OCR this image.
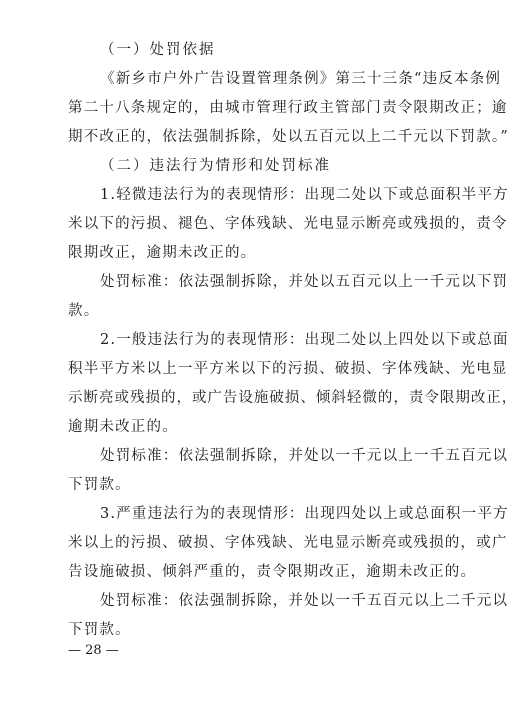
（一）处罚依据
《新乡市户外广告设置管理条例》第三十三条“违反本条例
第二十八条规定的，由城市管理行政主管部门责令限期改正；逾
期不改正的，依法强制拆除，处以五百元以上二千元以下罚款。”
（二）违法行为情形和处罚标准
1.轻微违法行为的表现情形：出现二处以下或总面积半平方
米以下的污损、褪色、字体残缺、光电显示断亮或残损的，责令
限期改正，逾期未改正的。
处罚标准：依法强制拆除，并处以五百元以上一千元以下罚
款。
2.一般违法行为的表现情形：出现二处以上四处以下或总面
积半平方米以上一平方米以下的污损、破损、字体残缺、光电显
示断亮或残损的，或广告设施破损、倾斜轻微的，责令限期改正，
逾期未改正的。
处罚标准：依法强制拆除，并处以一千元以上一千五百元以
下罚款。
3.严重违法行为的表现情形：出现四处以上或总面积一平方
米以上的污损、破损、字体残缺、光电显示断亮或残损的，或广
告设施破损、倾斜严重的，责令限期改正，逾期未改正的。
处罚标准：依法强制拆除，并处以一千五百元以上二千元以
下罚款。
— 28 —
